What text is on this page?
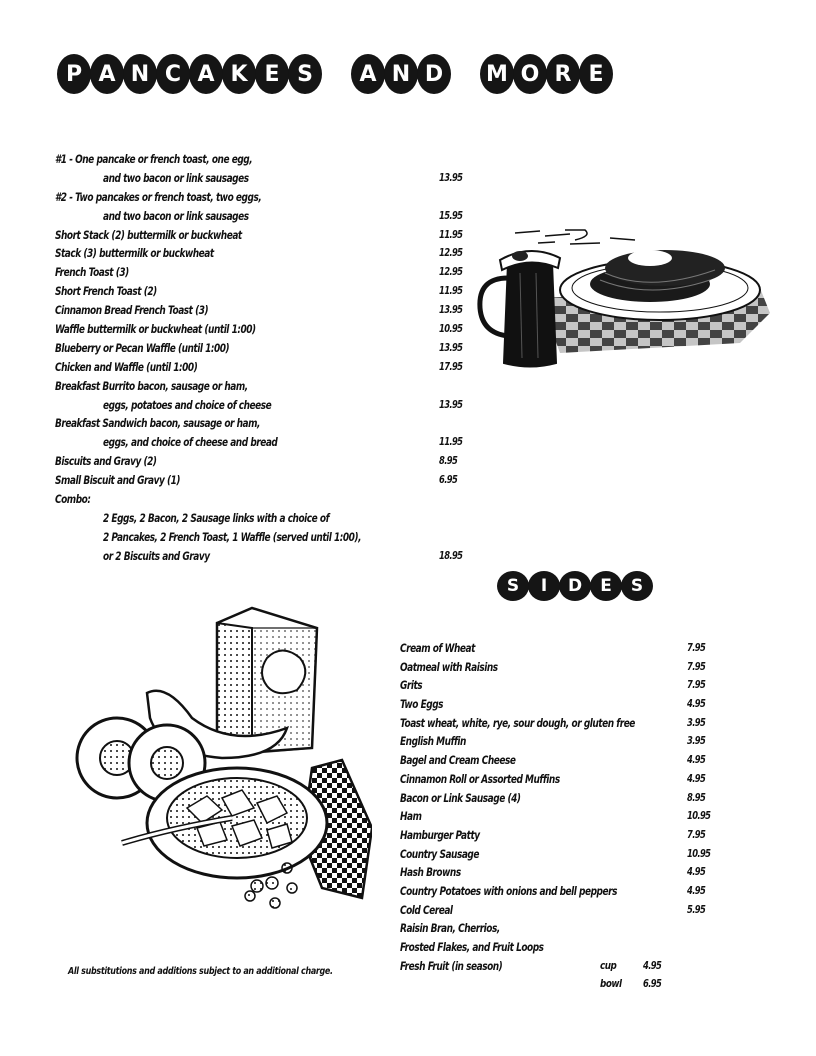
P A N C A K E S	A N D	M O R E
#1 - One pancake or french toast, one egg,
and two bacon or link sausages	13.95
#2 - Two pancakes or french toast, two eggs,
and two bacon or link sausages	15.95
Short Stack (2) buttermilk or buckwheat	11.95
Stack (3) buttermilk or buckwheat	12.95
French Toast (3)	12.95
Short French Toast (2)	11.95
Cinnamon Bread French Toast (3)	13.95
Waffle buttermilk or buckwheat (until 1:00)	10.95
Blueberry or Pecan Waffle (until 1:00)	13.95
Chicken and Waffle (until 1:00)	17.95
Breakfast Burrito bacon, sausage or ham,
eggs, potatoes and choice of cheese	13.95
Breakfast Sandwich bacon, sausage or ham,
eggs, and choice of cheese and bread	11.95
Biscuits and Gravy (2)	8.95
Small Biscuit and Gravy (1)	6.95
Combo:
2 Eggs, 2 Bacon, 2 Sausage links with a choice of
2 Pancakes, 2 French Toast, 1 Waffle (served until 1:00),
or 2 Biscuits and Gravy	18.95
S	I	D	E	S
Cream of Wheat	7.95
Oatmeal with Raisins	7.95
Grits	7.95
Two Eggs	4.95
Toast wheat, white, rye, sour dough, or gluten free	3.95
English Muffin	3.95
Bagel and Cream Cheese	4.95
Cinnamon Roll or Assorted Muffins	4.95
Bacon or Link Sausage (4)	8.95
Ham	10.95
Hamburger Patty	7.95
Country Sausage	10.95
Hash Browns	4.95
Country Potatoes with onions and bell peppers	4.95
Cold Cereal	5.95
Raisin Bran, Cherrios,
Frosted Flakes, and Fruit Loops
Fresh Fruit (in season)	cup	4.95
bowl 6.95
All substitutions and additions subject to an additional charge.
